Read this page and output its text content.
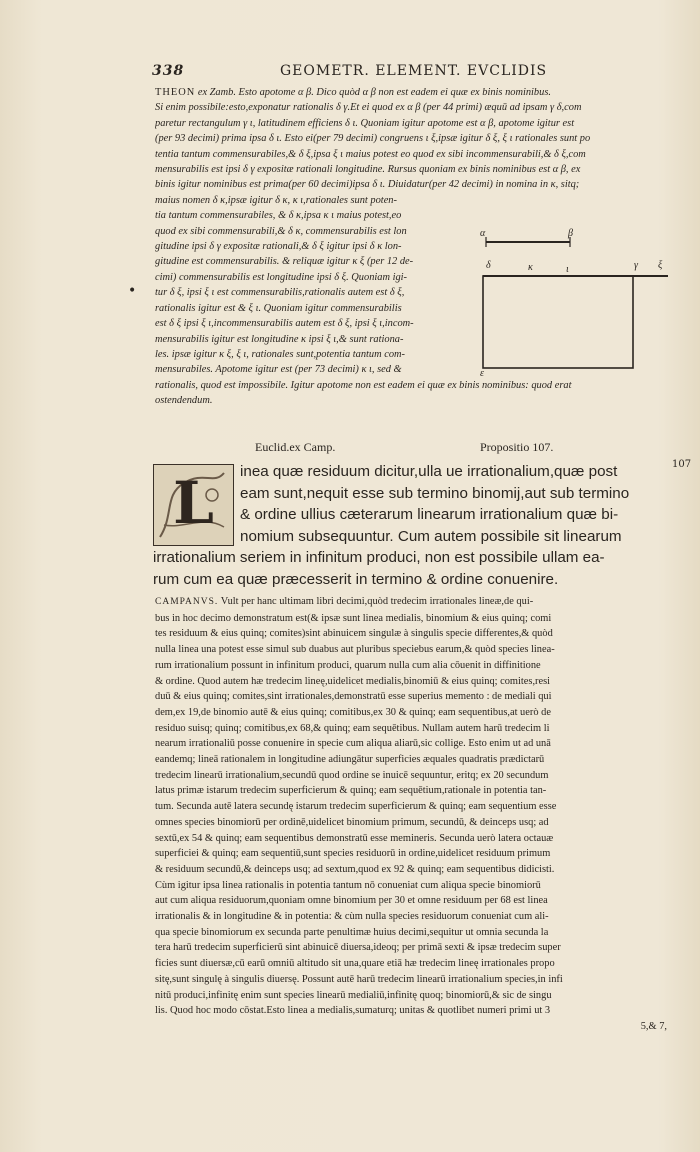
338	GEOMETR. ELEMENT. EVCLIDIS
THEON ex Zamb. Esto apotome α β. Dico quòd α β non est eadem ei quæ ex binis nominibus.
Si enim possibile:esto,exponatur rationalis δ γ.Et ei quod ex α β (per 44 primi) æquū ad ipsam γ δ,com
paretur rectangulum γ ι, latitudinem efficiens δ ι. Quoniam igitur apotome est α β, apotome igitur est
(per 93 decimi) prima ipsa δ ι. Esto ei(per 79 decimi) congruens ι ξ,ipsæ igitur δ ξ, ξ ι rationales sunt po
tentia tantum commensurabiles,& δ ξ,ipsa ξ ι maius potest eo quod ex sibi incommensurabili,& δ ξ,com
mensurabilis est ipsi δ γ expositæ rationali longitudine. Rursus quoniam ex binis nominibus est α β, ex
binis igitur nominibus est prima(per 60 decimi)ipsa δ ι. Diuidatur(per 42 decimi) in nomina in κ, sitq;
maius nomen δ κ,ipsæ igitur δ κ, κ ι,rationales sunt poten-
tia tantum commensurabiles, & δ κ,ipsa κ ι maius potest,eo
quod ex sibi commensurabili,& δ κ, commensurabilis est lon
gitudine ipsi δ γ expositæ rationali,& δ ξ igitur ipsi δ κ lon-
gitudine est commensurabilis. & reliquæ igitur κ ξ (per 12 de-
cimi) commensurabilis est longitudine ipsi δ ξ. Quoniam igi-
tur δ ξ, ipsi ξ ι est commensurabilis,rationalis autem est δ ξ,
rationalis igitur est & ξ ι. Quoniam igitur commensurabilis
est δ ξ ipsi ξ ι,incommensurabilis autem est δ ξ, ipsi ξ ι,incom-
mensurabilis igitur est longitudine κ ipsi ξ ι,& sunt rationa-
les. ipsæ igitur κ ξ, ξ ι, rationales sunt,potentia tantum com-
mensurabiles. Apotome igitur est (per 73 decimi) κ ι, sed &
rationalis, quod est impossibile. Igitur apotome non est eadem ei quæ ex binis nominibus: quod erat
ostendendum.
α	β
γ
δ	κ	ξ
ι
ε
•
Euclid.ex Camp.	Propositio 107.
107
L	inea quæ residuum dicitur,ulla ue irrationalium,quæ post
eam sunt,nequit esse sub termino binomij,aut sub termino
& ordine ullius cæterarum linearum irrationalium quæ bi-
nomium subsequuntur. Cum autem possibile sit linearum
irrationalium seriem in infinitum produci, non est possibile ullam ea-
rum cum ea quæ præcesserit in termino & ordine conuenire.
CAMPANVS. Vult per hanc ultimam libri decimi,quòd tredecim irrationales lineæ,de qui-
bus in hoc decimo demonstratum est(& ipsæ sunt linea medialis, binomium & eius quinq; comi
tes residuum & eius quinq; comites)sint abinuicem singulæ à singulis specie differentes,& quòd
nulla linea una potest esse simul sub duabus aut pluribus speciebus earum,& quòd species linea-
rum irrationalium possunt in infinitum produci, quarum nulla cum alia cōuenit in diffinitione
& ordine. Quod autem hæ tredecim lineę,uidelicet medialis,binomiū & eius quinq; comites,resi
duū & eius quinq; comites,sint irrationales,demonstratū esse superius memento : de mediali qui
dem,ex 19,de binomio autē & eius quinq; comitibus,ex 30 & quinq; eam sequentibus,at uerò de
residuo suisq; quinq; comitibus,ex 68,& quinq; eam sequētibus. Nullam autem harū tredecim li
nearum irrationaliū posse conuenire in specie cum aliqua aliarū,sic collige. Esto enim ut ad unā
eandemq; lineā rationalem in longitudine adiungātur superficies æquales quadratis prædictarū
tredecim linearū irrationalium,secundū quod ordine se inuicē sequuntur, eritq; ex 20 secundum
latus primæ istarum tredecim superficierum & quinq; eam sequētium,rationale in potentia tan-
tum. Secunda autē latera secundę istarum tredecim superficierum & quinq; eam sequentium esse
omnes species binomiorū per ordinē,uidelicet binomium primum, secundū, & deinceps usq; ad
sextū,ex 54 & quinq; eam sequentibus demonstratū esse memineris. Secunda uerò latera octauæ
superficiei & quinq; eam sequentiū,sunt species residuorū in ordine,uidelicet residuum primum
& residuum secundū,& deinceps usq; ad sextum,quod ex 92 & quinq; eam sequentibus didicisti.
Cùm igitur ipsa linea rationalis in potentia tantum nō conueniat cum aliqua specie binomiorū
aut cum aliqua residuorum,quoniam omne binomium per 30 et omne residuum per 68 est linea
irrationalis & in longitudine & in potentia: & cùm nulla species residuorum conueniat cum ali-
qua specie binomiorum ex secunda parte penultimæ huius decimi,sequitur ut omnia secunda la
tera harū tredecim superficierū sint abinuicē diuersa,ideoq; per primā sexti & ipsæ tredecim super
ficies sunt diuersæ,cū earū omniū altitudo sit una,quare etiā hæ tredecim lineę irrationales propo
sitę,sunt singulę à singulis diuersę. Possunt autē harū tredecim linearū irrationalium species,in infi
nitū produci,infinitę enim sunt species linearū medialiū,infinitę quoq; binomiorū,& sic de singu
lis. Quod hoc modo cōstat.Esto linea a medialis,sumaturq; unitas & quotlibet numeri primi ut 3
5,& 7,
